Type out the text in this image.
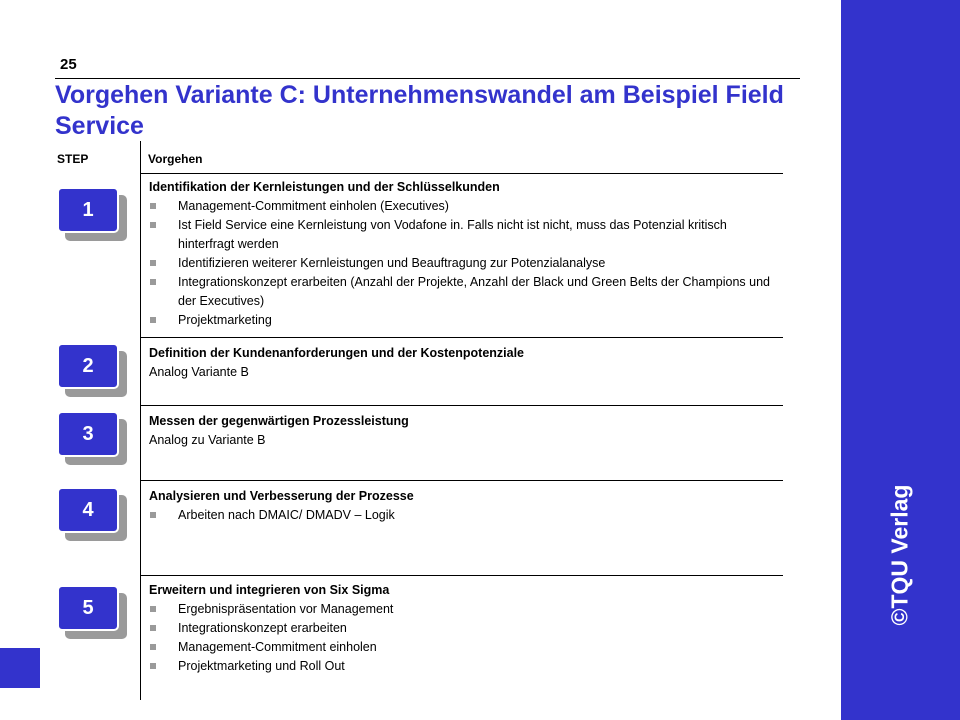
©TQU Verlag
25
Vorgehen Variante C: Unternehmenswandel am Beispiel Field Service
STEP	Vorgehen
1
Identifikation der Kernleistungen und der Schlüsselkunden
Management-Commitment einholen (Executives)
Ist Field Service eine Kernleistung von Vodafone in. Falls nicht ist nicht, muss das Potenzial kritisch hinterfragt werden
Identifizieren weiterer Kernleistungen und Beauftragung zur Potenzialanalyse
Integrationskonzept erarbeiten (Anzahl der Projekte, Anzahl der Black und Green Belts der Champions und der Executives)
Projektmarketing
2
Definition der Kundenanforderungen und der Kostenpotenziale
Analog Variante B
3
Messen der gegenwärtigen Prozessleistung
Analog zu Variante B
4
Analysieren und Verbesserung der Prozesse
Arbeiten nach DMAIC/ DMADV – Logik
5
Erweitern und integrieren von Six Sigma
Ergebnispräsentation vor Management
Integrationskonzept erarbeiten
Management-Commitment einholen
Projektmarketing und Roll Out
